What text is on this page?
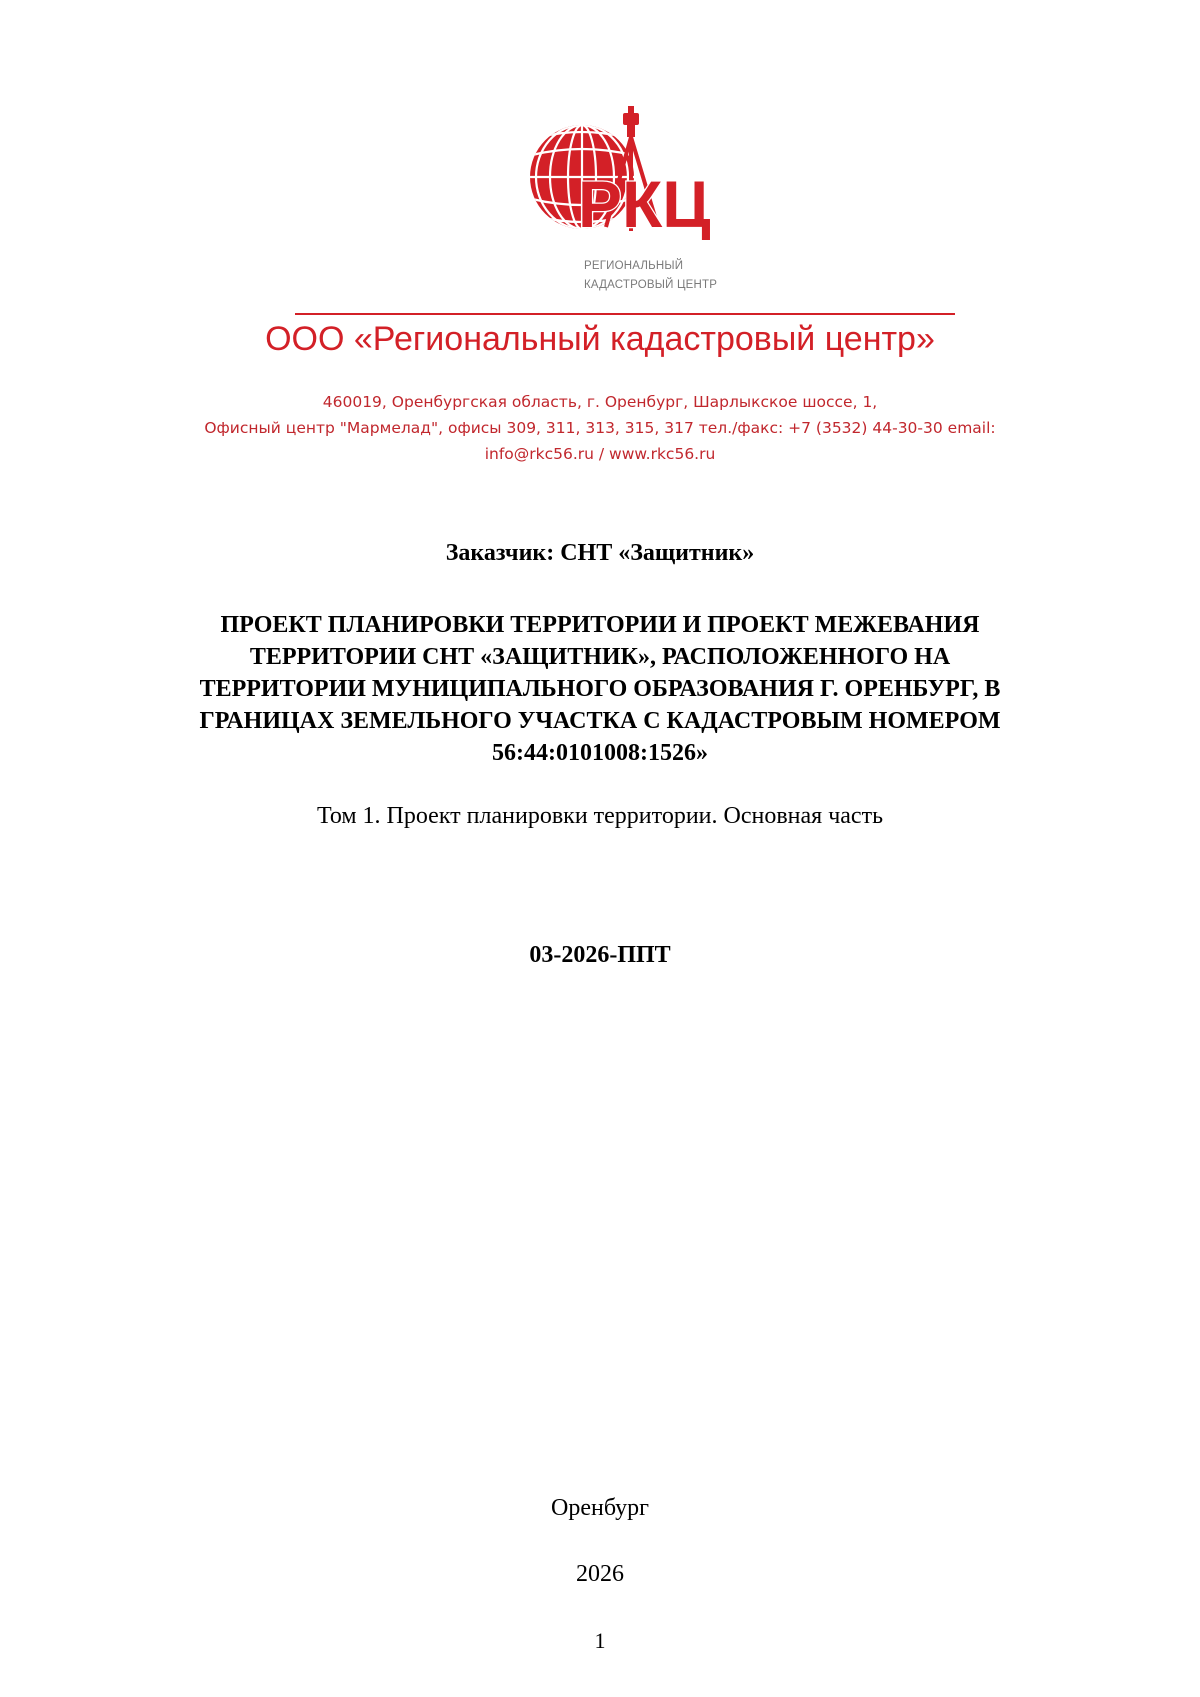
РКЦ
РЕГИОНАЛЬНЫЙ
КАДАСТРОВЫЙ ЦЕНТР
ООО «Региональный кадастровый центр»
460019, Оренбургская область, г. Оренбург, Шарлыкское шоссе, 1,
Офисный центр "Мармелад", офисы 309, 311, 313, 315, 317 тел./факс: +7 (3532) 44-30-30 email:
info@rkc56.ru / www.rkc56.ru
Заказчик: СНТ «Защитник»
ПРОЕКТ ПЛАНИРОВКИ ТЕРРИТОРИИ И ПРОЕКТ МЕЖЕВАНИЯ
ТЕРРИТОРИИ СНТ «ЗАЩИТНИК», РАСПОЛОЖЕННОГО НА
ТЕРРИТОРИИ МУНИЦИПАЛЬНОГО ОБРАЗОВАНИЯ Г. ОРЕНБУРГ, В
ГРАНИЦАХ ЗЕМЕЛЬНОГО УЧАСТКА С КАДАСТРОВЫМ НОМЕРОМ
56:44:0101008:1526»
Том 1. Проект планировки территории. Основная часть
03-2026-ППТ
Оренбург
2026
1
